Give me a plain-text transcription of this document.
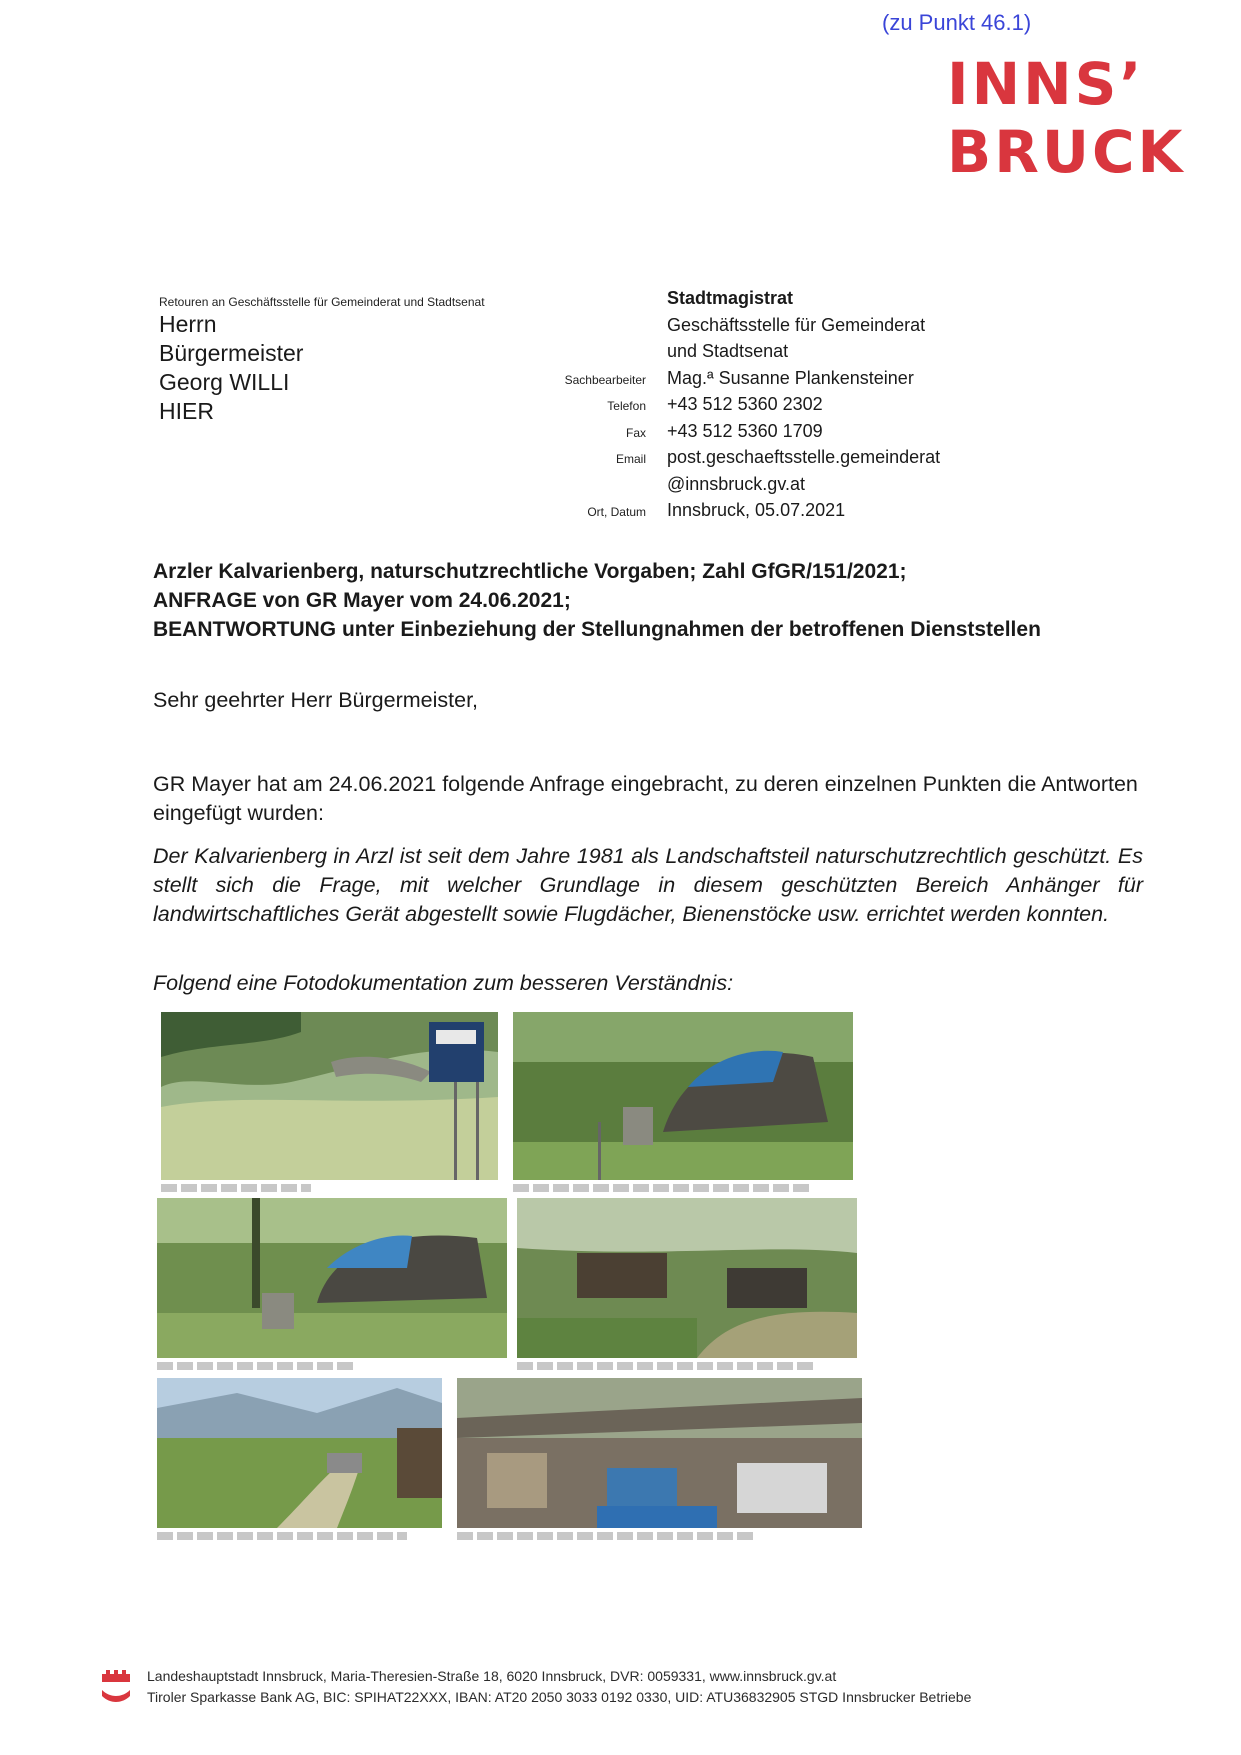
(zu Punkt 46.1)
INNS’
BRUCK
Retouren an Geschäftsstelle für Gemeinderat und Stadtsenat
Herrn
Bürgermeister
Georg WILLI
HIER
Stadtmagistrat
Geschäftsstelle für Gemeinderat
und Stadtsenat
Sachbearbeiter	Mag.ª Susanne Plankensteiner
Telefon	+43 512 5360 2302
Fax	+43 512 5360 1709
Email	post.geschaeftsstelle.gemeinderat
@innsbruck.gv.at
Ort, Datum	Innsbruck, 05.07.2021
Arzler Kalvarienberg, naturschutzrechtliche Vorgaben; Zahl GfGR/151/2021;
ANFRAGE von GR Mayer vom 24.06.2021;
BEANTWORTUNG unter Einbeziehung der Stellungnahmen der betroffenen Dienststellen
Sehr geehrter Herr Bürgermeister,
GR Mayer hat am 24.06.2021 folgende Anfrage eingebracht, zu deren einzelnen Punkten die Antworten eingefügt wurden:
Der Kalvarienberg in Arzl ist seit dem Jahre 1981 als Landschaftsteil naturschutzrechtlich geschützt. Es stellt sich die Frage, mit welcher Grundlage in diesem geschützten Bereich Anhänger für landwirtschaftliches Gerät abgestellt sowie Flugdächer, Bienenstöcke usw. errichtet werden konnten.
Folgend eine Fotodokumentation zum besseren Verständnis:
Landeshauptstadt Innsbruck, Maria-Theresien-Straße 18, 6020 Innsbruck, DVR: 0059331, www.innsbruck.gv.at
Tiroler Sparkasse Bank AG, BIC: SPIHAT22XXX, IBAN: AT20 2050 3033 0192 0330, UID: ATU36832905 STGD Innsbrucker Betriebe
